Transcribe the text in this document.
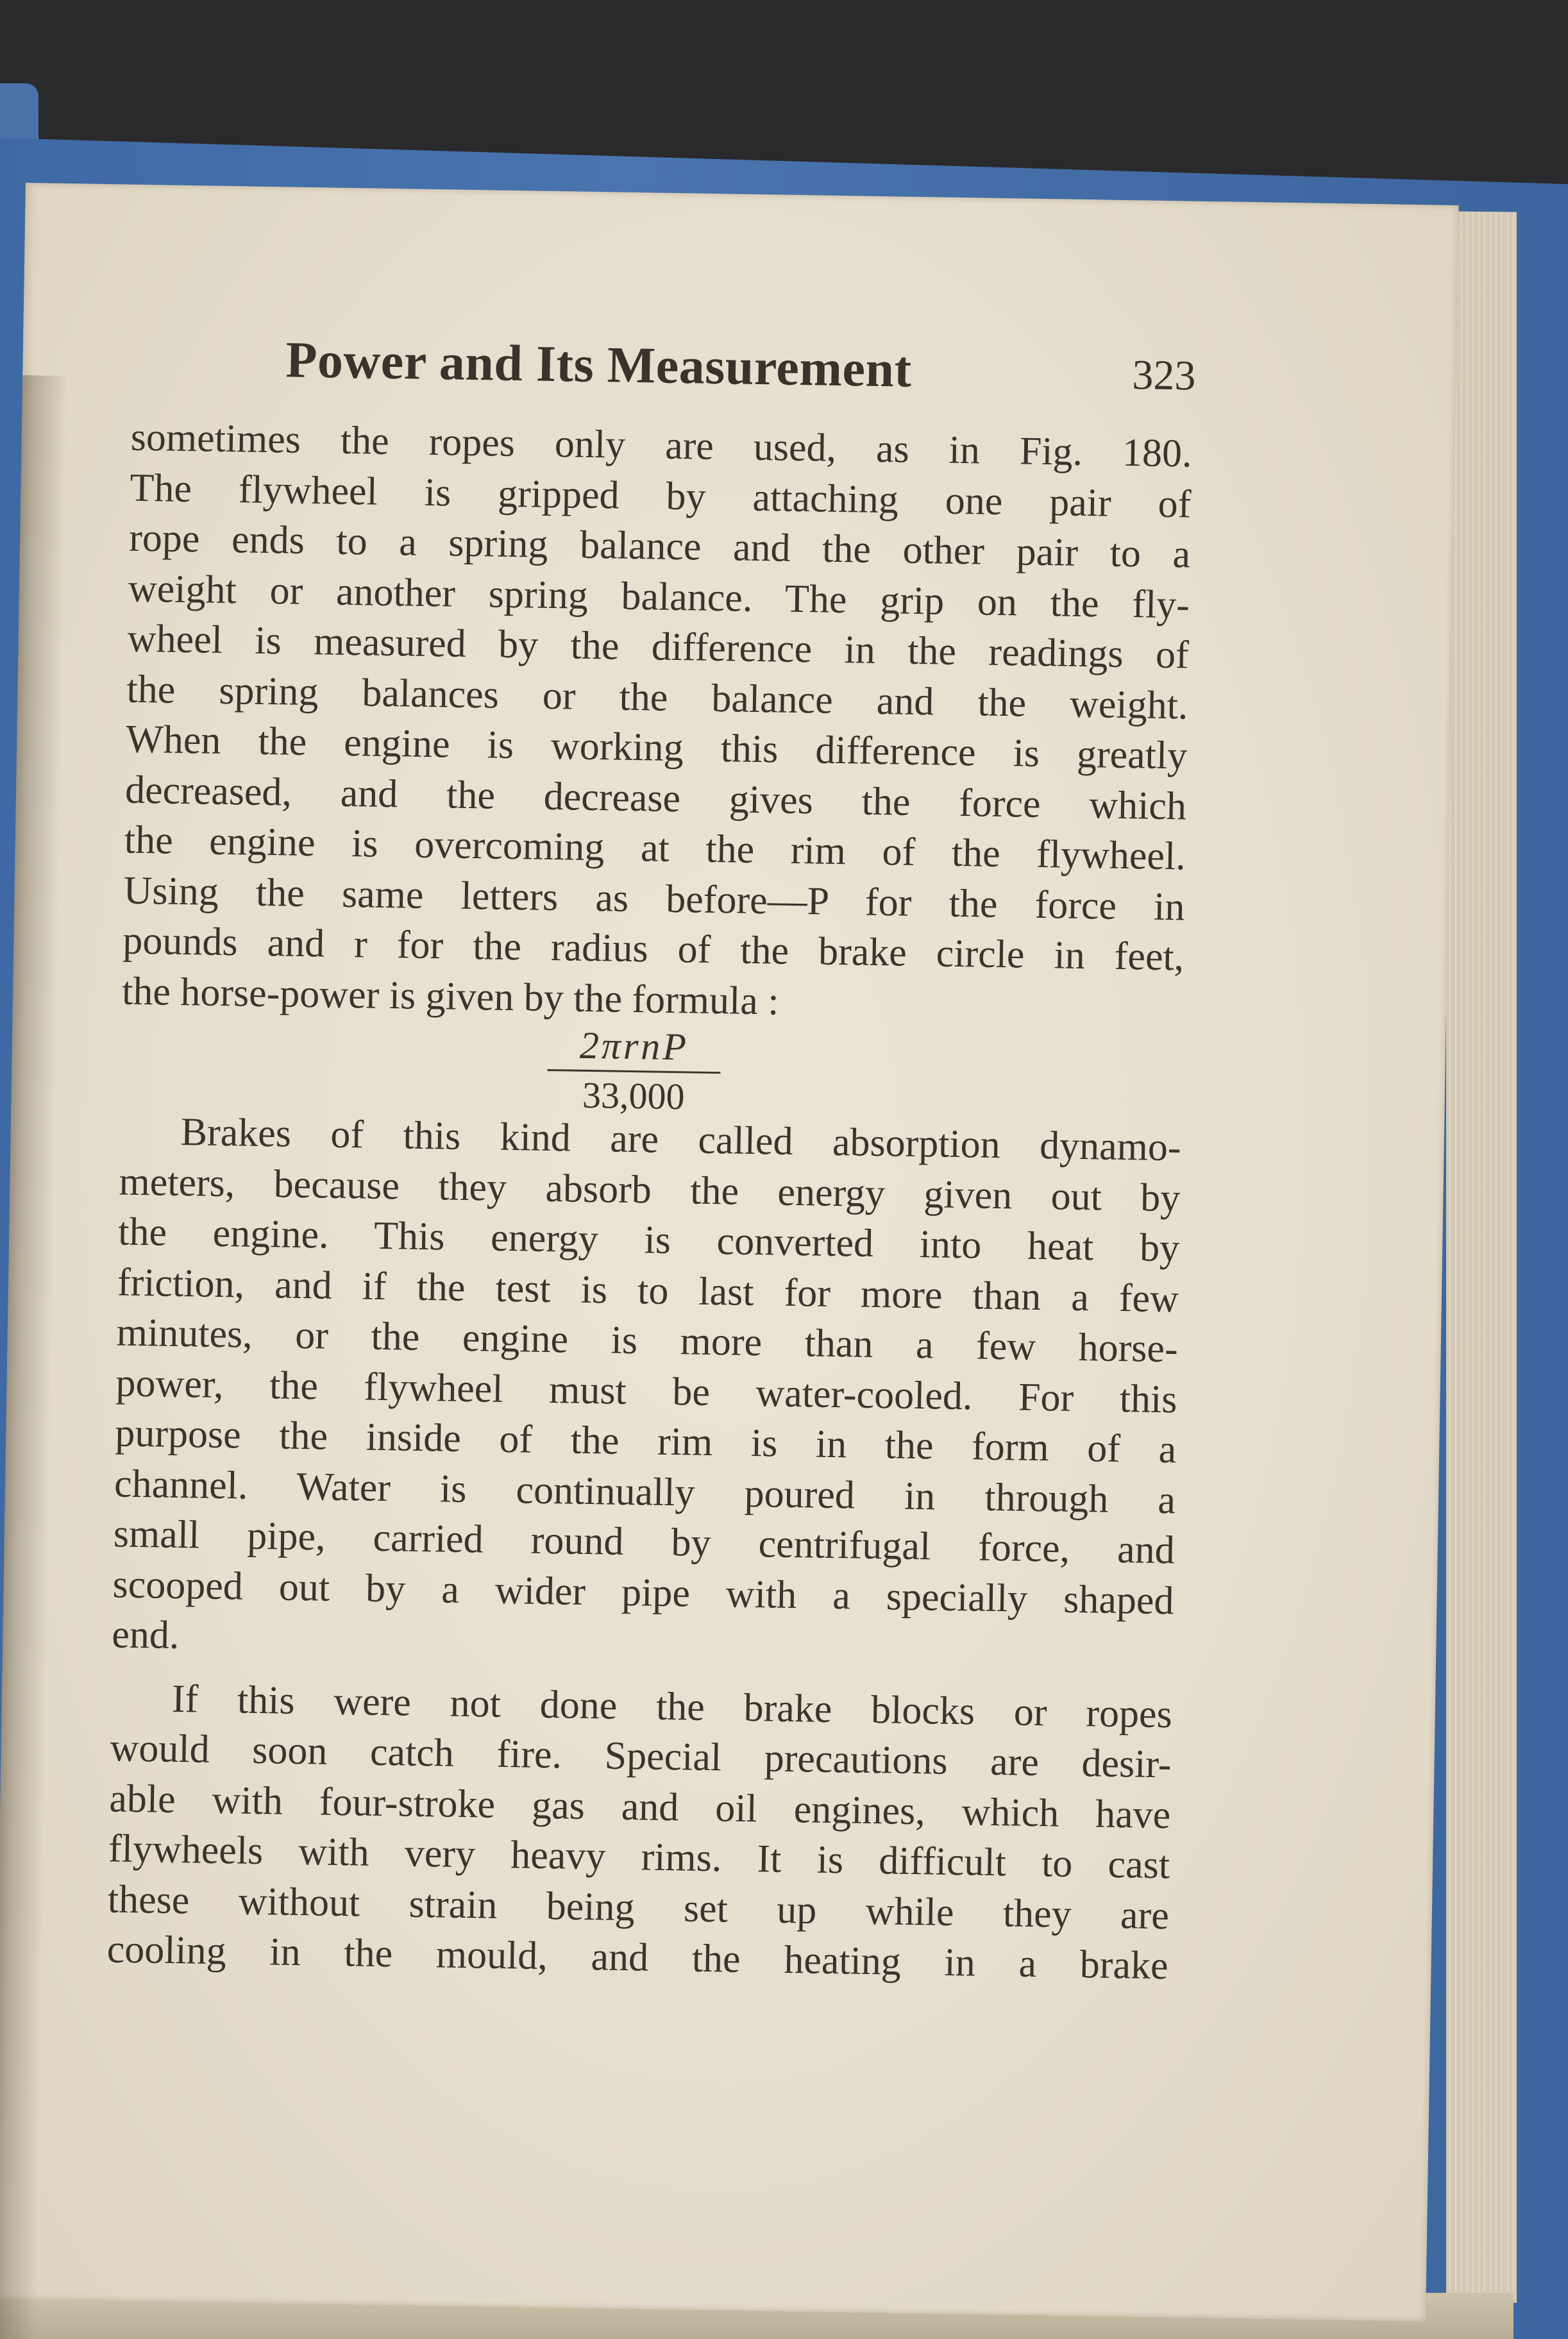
Power and Its Measurement	323
sometimes the ropes only are used, as in Fig. 180.
The flywheel is gripped by attaching one pair of
rope ends to a spring balance and the other pair to a
weight or another spring balance. The grip on the fly-
wheel is measured by the difference in the readings of
the spring balances or the balance and the weight.
When the engine is working this difference is greatly
decreased, and the decrease gives the force which
the engine is overcoming at the rim of the flywheel.
Using the same letters as before—P for the force in
pounds and r for the radius of the brake circle in feet,
the horse-power is given by the formula :
2πrnP
33,000
Brakes of this kind are called absorption dynamo-
meters, because they absorb the energy given out by
the engine. This energy is converted into heat by
friction, and if the test is to last for more than a few
minutes, or the engine is more than a few horse-
power, the flywheel must be water-cooled. For this
purpose the inside of the rim is in the form of a
channel. Water is continually poured in through a
small pipe, carried round by centrifugal force, and
scooped out by a wider pipe with a specially shaped
end.
If this were not done the brake blocks or ropes
would soon catch fire. Special precautions are desir-
able with four-stroke gas and oil engines, which have
flywheels with very heavy rims. It is difficult to cast
these without strain being set up while they are
cooling in the mould, and the heating in a brake
